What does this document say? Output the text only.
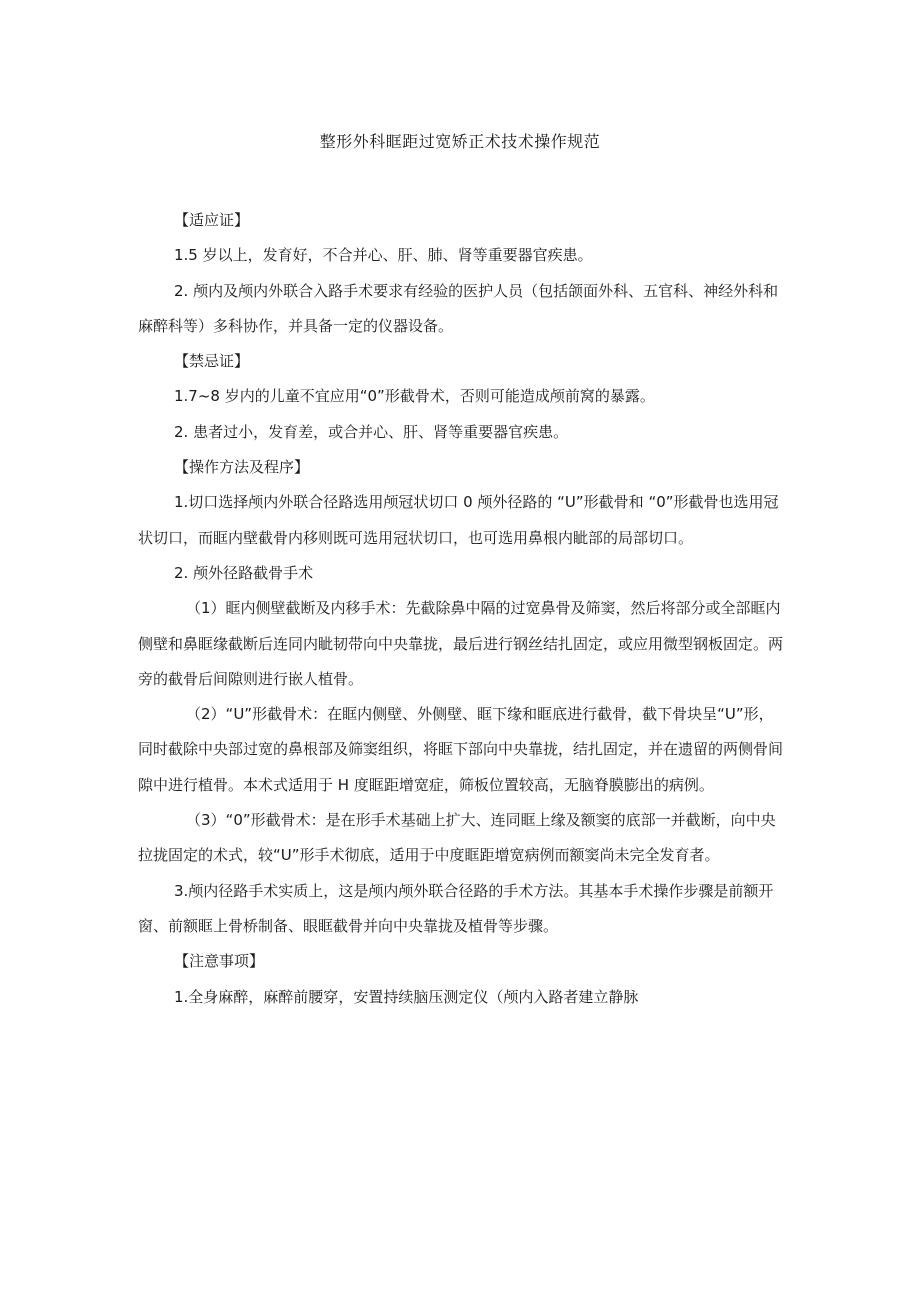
整形外科眶距过宽矫正术技术操作规范

【适应证】

1.5 岁以上，发育好，不合并心、肝、肺、肾等重要器官疾患。

2. 颅内及颅内外联合入路手术要求有经验的医护人员（包括颌面外科、五官科、神经外科和麻醉科等）多科协作，并具备一定的仪器设备。

【禁忌证】

1.7~8 岁内的儿童不宜应用“0”形截骨术，否则可能造成颅前窝的暴露。

2. 患者过小，发育差，或合并心、肝、肾等重要器官疾患。

【操作方法及程序】

1.切口选择颅内外联合径路选用颅冠状切口 0 颅外径路的 “U”形截骨和 “0”形截骨也选用冠状切口，而眶内壁截骨内移则既可选用冠状切口，也可选用鼻根内眦部的局部切口。

2. 颅外径路截骨手术

（1）眶内侧壁截断及内移手术：先截除鼻中隔的过宽鼻骨及筛窦，然后将部分或全部眶内侧壁和鼻眶缘截断后连同内眦韧带向中央靠拢，最后进行钢丝结扎固定，或应用微型钢板固定。两旁的截骨后间隙则进行嵌人植骨。

（2）“U”形截骨术：在眶内侧壁、外侧壁、眶下缘和眶底进行截骨，截下骨块呈“U”形，同时截除中央部过宽的鼻根部及筛窦组织，将眶下部向中央靠拢，结扎固定，并在遗留的两侧骨间隙中进行植骨。本术式适用于 H 度眶距增宽症，筛板位置较高，无脑脊膜膨出的病例。

（3）“0”形截骨术：是在形手术基础上扩大、连同眶上缘及额窦的底部一并截断，向中央拉拢固定的术式，较“U”形手术彻底，适用于中度眶距增宽病例而额窦尚未完全发育者。

3.颅内径路手术实质上，这是颅内颅外联合径路的手术方法。其基本手术操作步骤是前额开窗、前额眶上骨桥制备、眼眶截骨并向中央靠拢及植骨等步骤。

【注意事项】

1.全身麻醉，麻醉前腰穿，安置持续脑压测定仪（颅内入路者建立静脉
